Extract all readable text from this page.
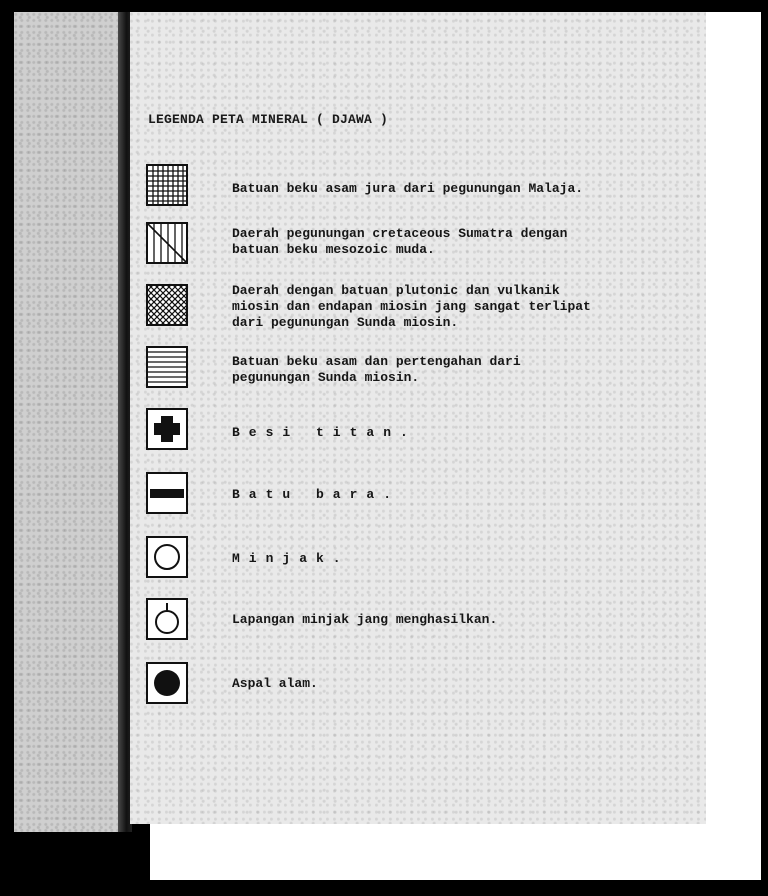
LEGENDA PETA MINERAL ( DJAWA )
Batuan beku asam jura dari pegunungan Malaja.
Daerah pegunungan cretaceous Sumatra dengan
batuan beku mesozoic muda.
Daerah dengan batuan plutonic dan vulkanik
miosin dan endapan miosin jang sangat terlipat
dari pegunungan Sunda miosin.
Batuan beku asam dan pertengahan dari
pegunungan Sunda miosin.
Besi titan.
Batu bara.
Minjak.
Lapangan minjak jang menghasilkan.
Aspal alam.
